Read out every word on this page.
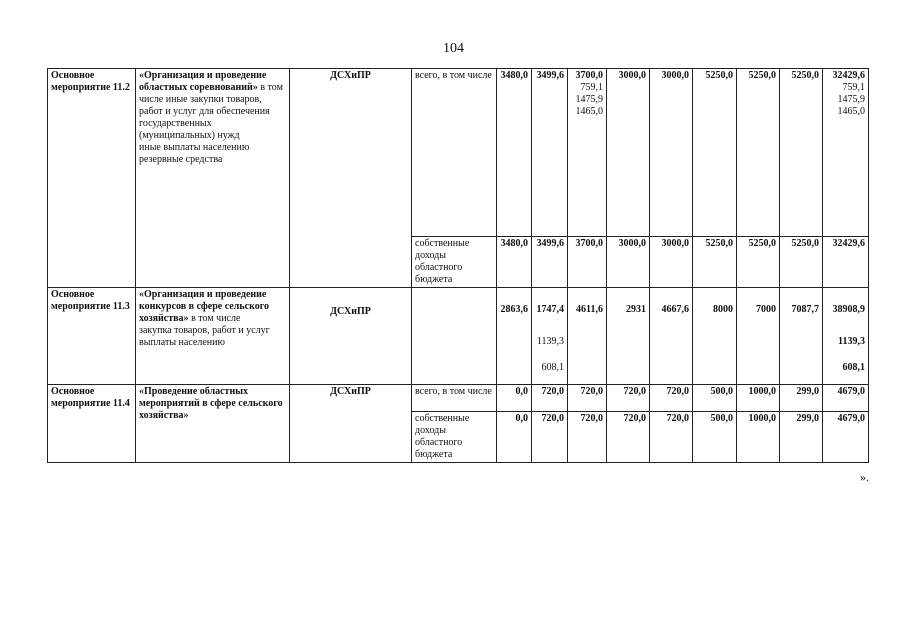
104
Основное мероприятие 11.2	«Организация и проведение областных соревнований» в том числе иные закупки товаров, работ и услуг для обеспечения государственных (муниципальных) нужд
иные выплаты населению
резервные средства	ДСХиПР	всего, в том числе	3480,0	3499,6	3700,0
759,1
1475,9
1465,0	3000,0	3000,0	5250,0	5250,0	5250,0	32429,6
759,1
1475,9
1465,0

			собственные доходы областного бюджета	3480,0	3499,6	3700,0	3000,0	3000,0	5250,0	5250,0	5250,0	32429,6
Основное мероприятие 11.3	«Организация и проведение конкурсов в сфере сельского хозяйства» в том числе
закупка товаров, работ и услуг
выплаты населению	ДСХиПР		2863,6	1747,4
1139,3
608,1	4611,6	2931	4667,6	8000	7000	7087,7	38908,9
1139,3
608,1

Основное мероприятие 11.4	«Проведение областных мероприятий в сфере сельского хозяйства»	ДСХиПР	всего, в том числе	0,0	720,0	720,0	720,0	720,0	500,0	1000,0	299,0	4679,0
			собственные доходы областного бюджета	0,0	720,0	720,0	720,0	720,0	500,0	1000,0	299,0	4679,0
».
